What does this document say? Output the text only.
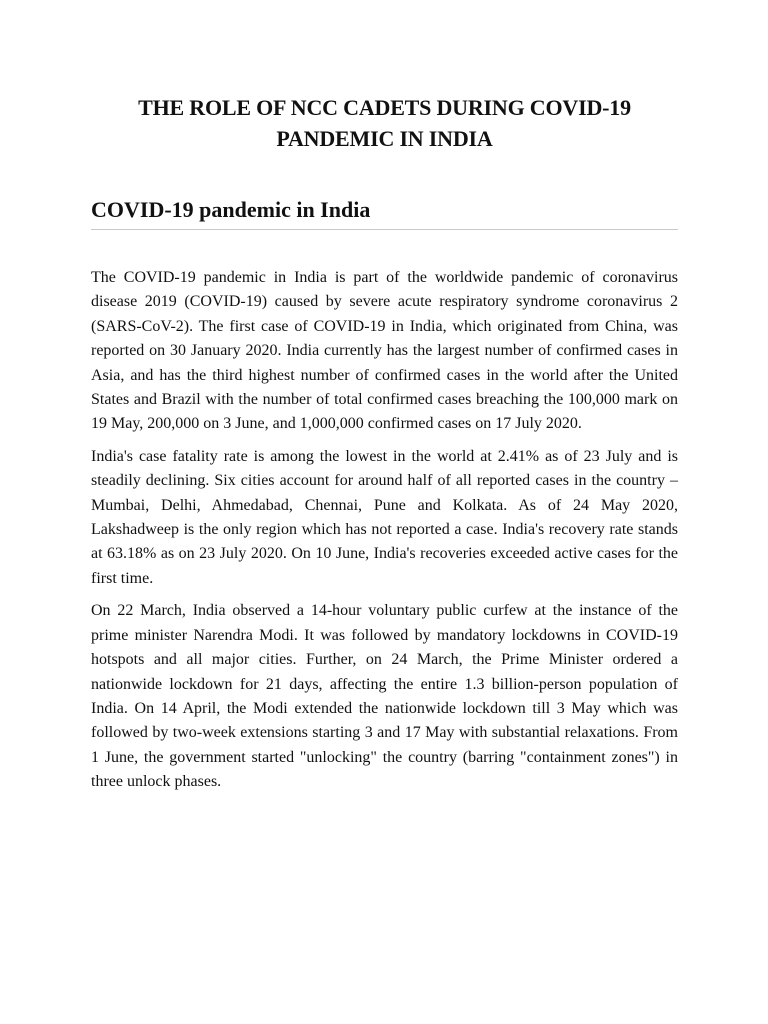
THE ROLE OF NCC CADETS DURING COVID-19 PANDEMIC IN INDIA
COVID-19 pandemic in India

The COVID-19 pandemic in India is part of the worldwide pandemic of coronavirus disease 2019 (COVID-19) caused by severe acute respiratory syndrome coronavirus 2 (SARS-CoV-2). The first case of COVID-19 in India, which originated from China, was reported on 30 January 2020. India currently has the largest number of confirmed cases in Asia, and has the third highest number of confirmed cases in the world after the United States and Brazil with the number of total confirmed cases breaching the 100,000 mark on 19 May, 200,000 on 3 June, and 1,000,000 confirmed cases on 17 July 2020.

India's case fatality rate is among the lowest in the world at 2.41% as of 23 July and is steadily declining. Six cities account for around half of all reported cases in the country – Mumbai, Delhi, Ahmedabad, Chennai, Pune and Kolkata. As of 24 May 2020, Lakshadweep is the only region which has not reported a case. India's recovery rate stands at 63.18% as on 23 July 2020. On 10 June, India's recoveries exceeded active cases for the first time.

On 22 March, India observed a 14-hour voluntary public curfew at the instance of the prime minister Narendra Modi. It was followed by mandatory lockdowns in COVID-19 hotspots and all major cities. Further, on 24 March, the Prime Minister ordered a nationwide lockdown for 21 days, affecting the entire 1.3 billion-person population of India. On 14 April, the Modi extended the nationwide lockdown till 3 May which was followed by two-week extensions starting 3 and 17 May with substantial relaxations. From 1 June, the government started "unlocking" the country (barring "containment zones") in three unlock phases.
